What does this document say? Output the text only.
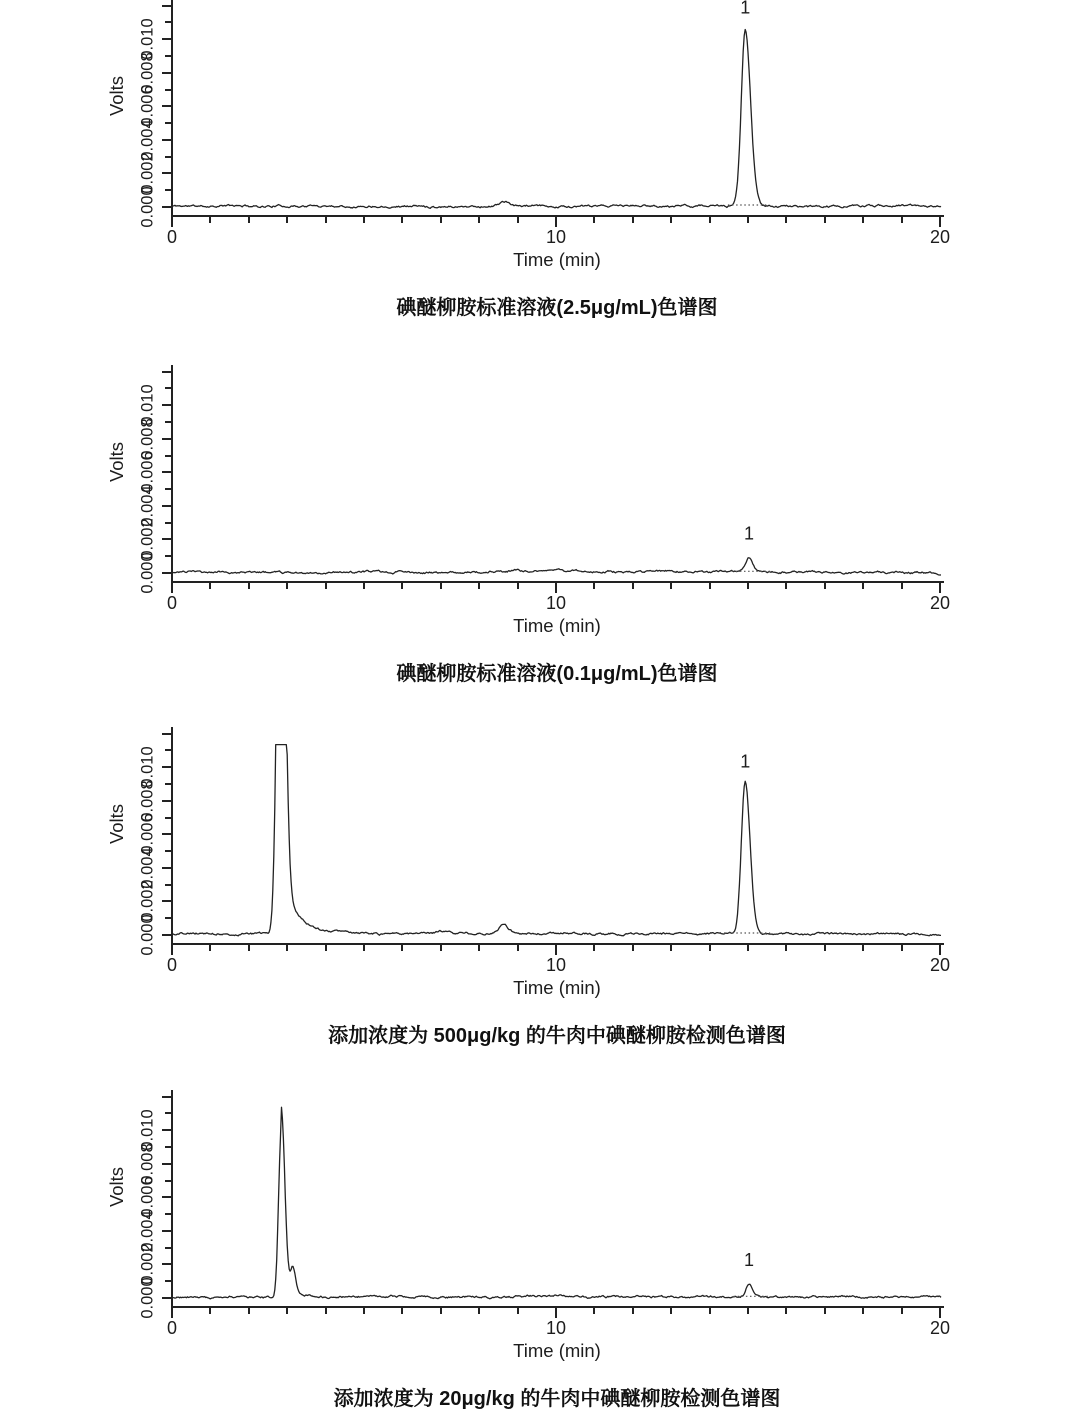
Volts
1
Time (min)
碘醚柳胺标准溶液(2.5μg/mL)色谱图
0.000
0.002
0.004
0.006
0.008
0.010
0	10	20
Volts
1
Time (min)
碘醚柳胺标准溶液(0.1μg/mL)色谱图
0.000
0.002
0.004
0.006
0.008
0.010
0	10	20
Volts
1
Time (min)
添加浓度为 500μg/kg 的牛肉中碘醚柳胺检测色谱图
0.000
0.002
0.004
0.006
0.008
0.010
0	10	20
Volts
1
Time (min)
添加浓度为 20μg/kg 的牛肉中碘醚柳胺检测色谱图
0.000
0.002
0.004
0.006
0.008
0.010
0	10	20
